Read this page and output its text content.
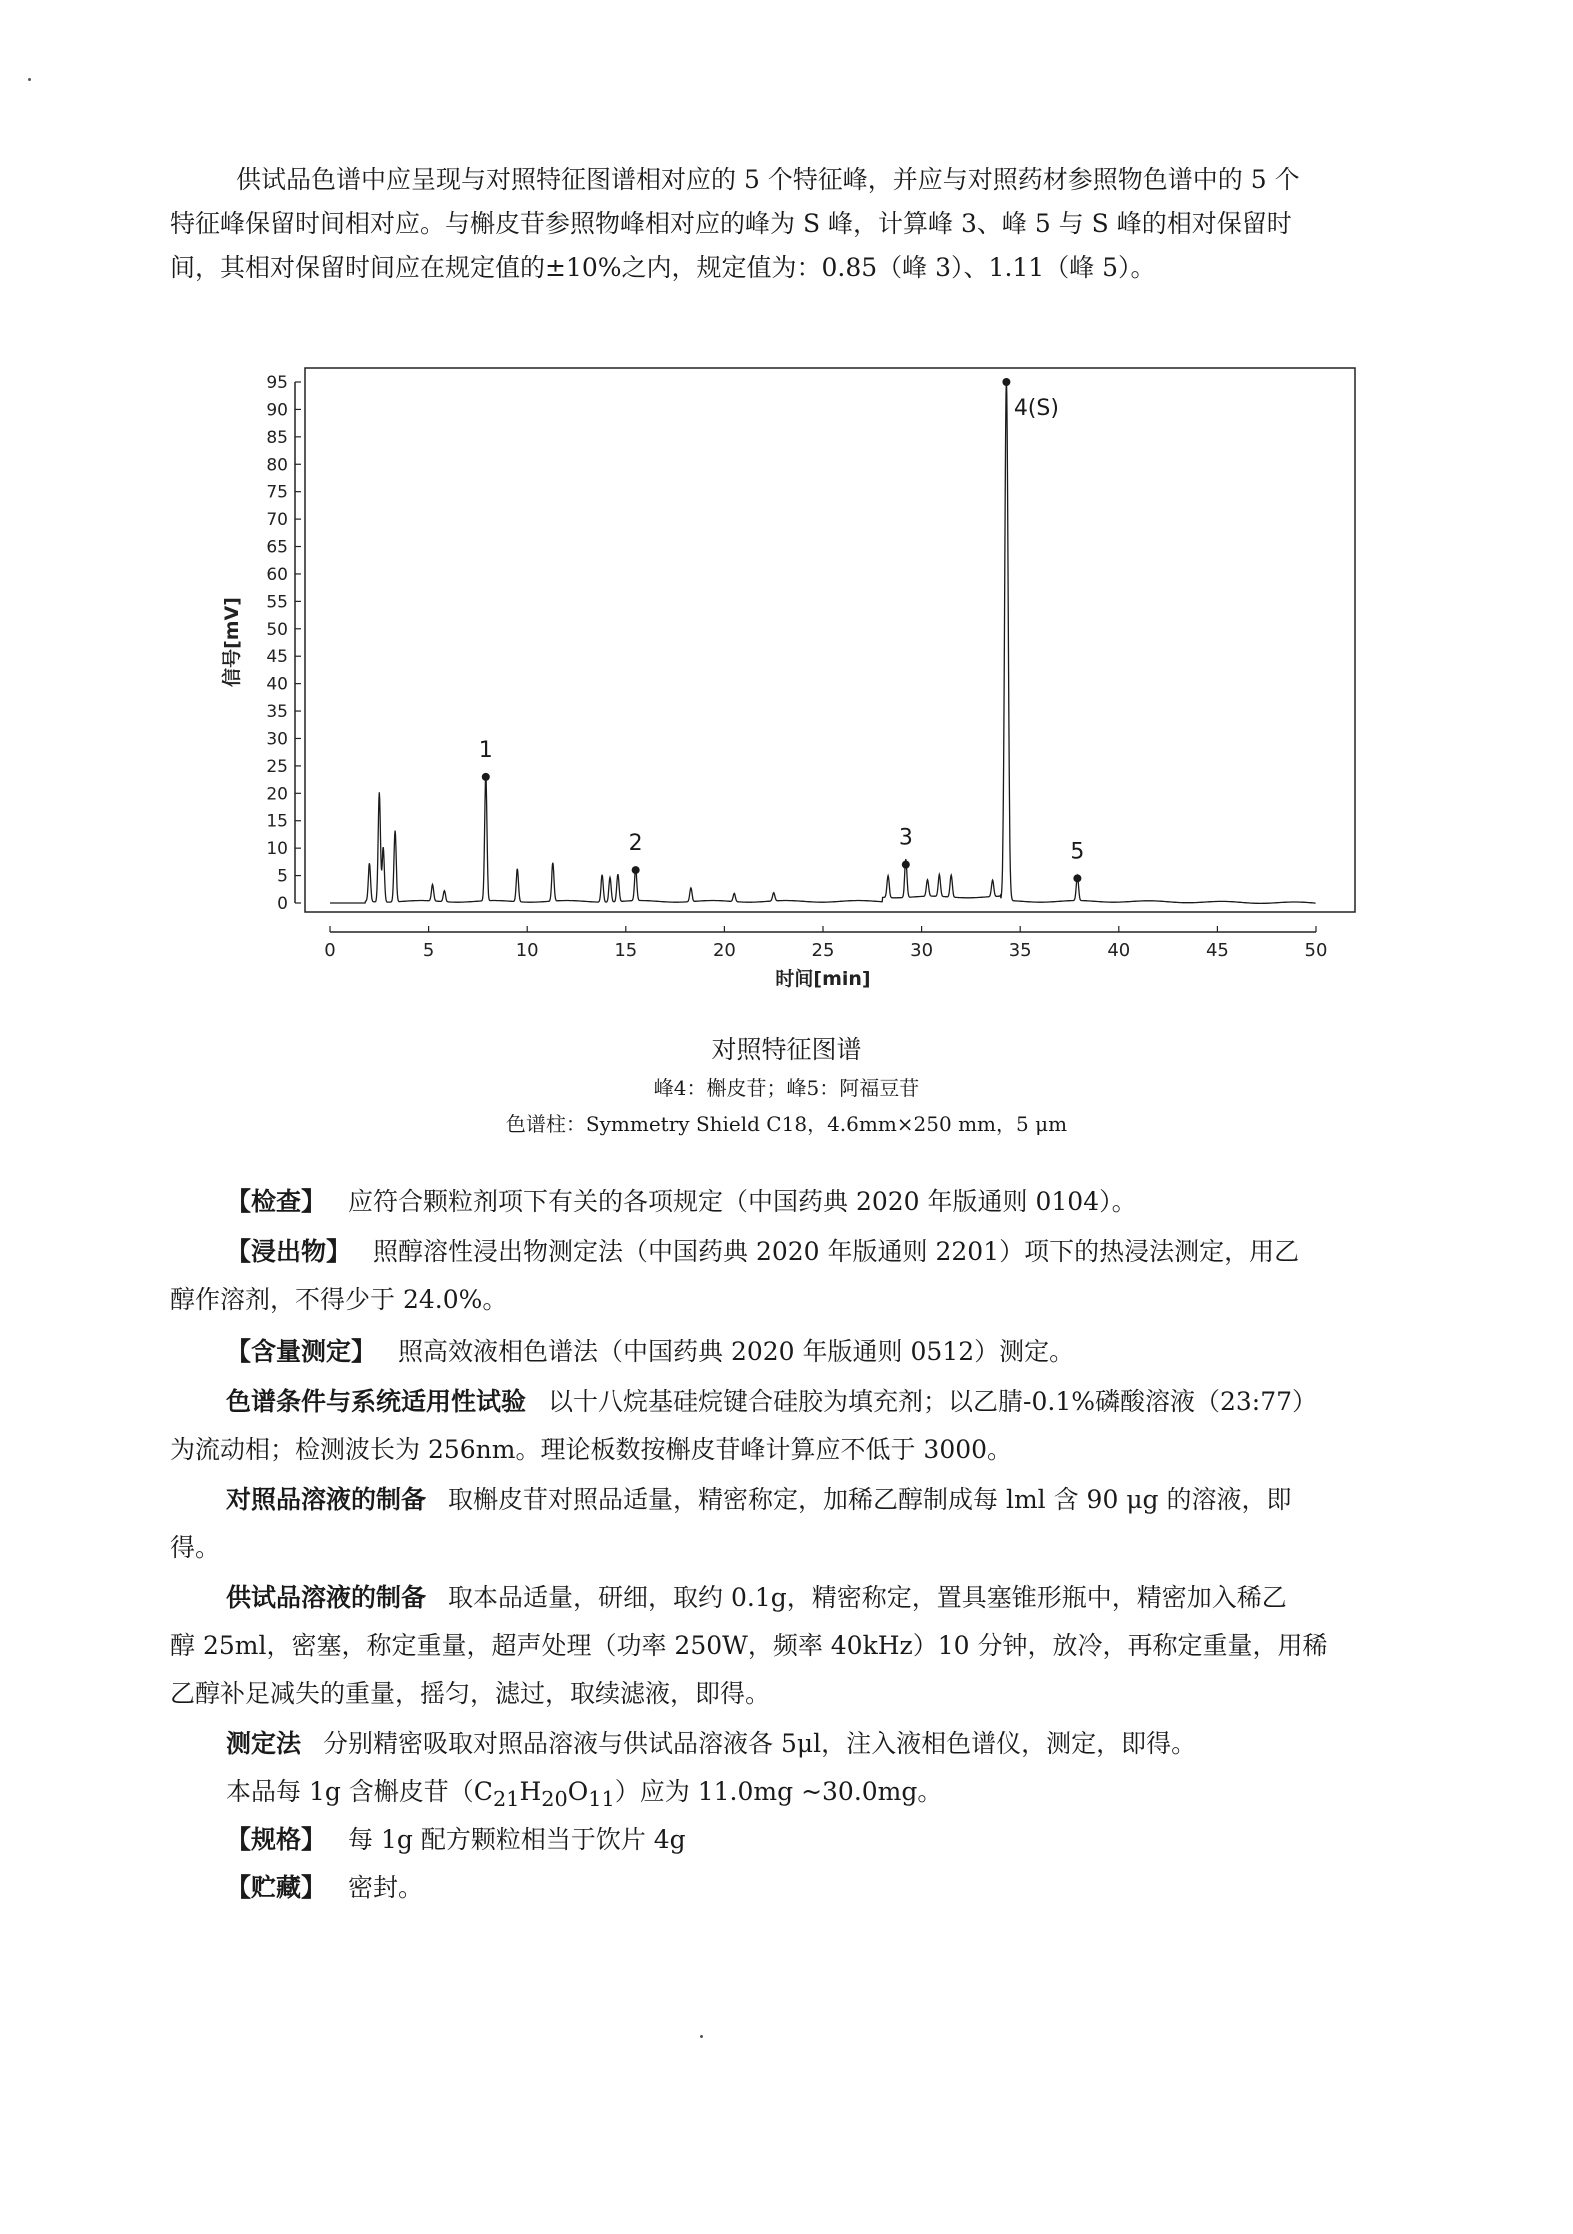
供试品色谱中应呈现与对照特征图谱相对应的 5 个特征峰，并应与对照药材参照物色谱中的 5 个
特征峰保留时间相对应。与槲皮苷参照物峰相对应的峰为 S 峰，计算峰 3、峰 5 与 S 峰的相对保留时
间，其相对保留时间应在规定值的±10%之内，规定值为：0.85（峰 3）、1.11（峰 5）。
0	5	10	15	20	25	30	35	40	45	50
0
5
10
15
20
25
30
35
40
45
50
55
60
65
70
75
80
85
90
95
时间[min]
信号[mV]
1
2	3
4(S)
5
对照特征图谱
峰4：槲皮苷；峰5：阿福豆苷
色谱柱：Symmetry Shield C18，4.6mm×250 mm，5 μm
【检查】 应符合颗粒剂项下有关的各项规定（中国药典 2020 年版通则 0104）。
【浸出物】 照醇溶性浸出物测定法（中国药典 2020 年版通则 2201）项下的热浸法测定，用乙
醇作溶剂，不得少于 24.0%。
【含量测定】 照高效液相色谱法（中国药典 2020 年版通则 0512）测定。
色谱条件与系统适用性试验 以十八烷基硅烷键合硅胶为填充剂；以乙腈-0.1%磷酸溶液（23:77）
为流动相；检测波长为 256nm。理论板数按槲皮苷峰计算应不低于 3000。
对照品溶液的制备 取槲皮苷对照品适量，精密称定，加稀乙醇制成每 lml 含 90 μg 的溶液，即
得。
供试品溶液的制备 取本品适量，研细，取约 0.1g，精密称定，置具塞锥形瓶中，精密加入稀乙
醇 25ml，密塞，称定重量，超声处理（功率 250W，频率 40kHz）10 分钟，放冷，再称定重量，用稀
乙醇补足减失的重量，摇匀，滤过，取续滤液，即得。
测定法 分别精密吸取对照品溶液与供试品溶液各 5μl，注入液相色谱仪，测定，即得。
本品每 1g 含槲皮苷$(C_{21}H_{20}O_{11})$应为 11.0mg ~30.0mg。
【规格】 每 1g 配方颗粒相当于饮片 4g
【贮藏】 密封。
